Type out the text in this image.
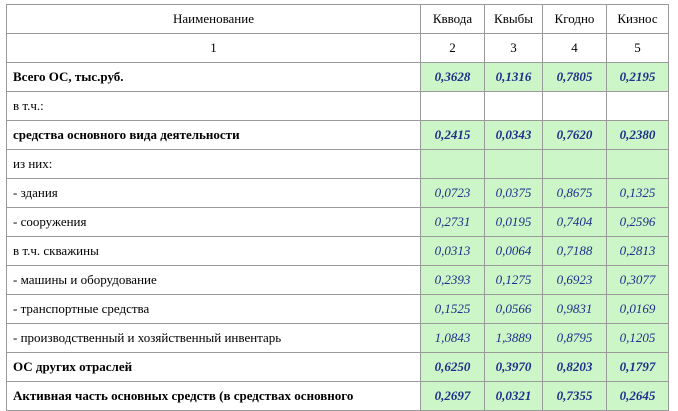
Наименование	Кввода	Квыбы	Кгодно	Кизнос
1	2	3	4	5
Всего ОС, тыс.руб.	0,3628	0,1316	0,7805	0,2195
в т.ч.:				
средства основного вида деятельности	0,2415	0,0343	0,7620	0,2380
из них:				
- здания	0,0723	0,0375	0,8675	0,1325
- сооружения	0,2731	0,0195	0,7404	0,2596
в т.ч. скважины	0,0313	0,0064	0,7188	0,2813
- машины и оборудование	0,2393	0,1275	0,6923	0,3077
- транспортные средства	0,1525	0,0566	0,9831	0,0169
- производственный и хозяйственный инвентарь	1,0843	1,3889	0,8795	0,1205
ОС других отраслей	0,6250	0,3970	0,8203	0,1797
Активная часть основных средств (в средствах основного	0,2697	0,0321	0,7355	0,2645
